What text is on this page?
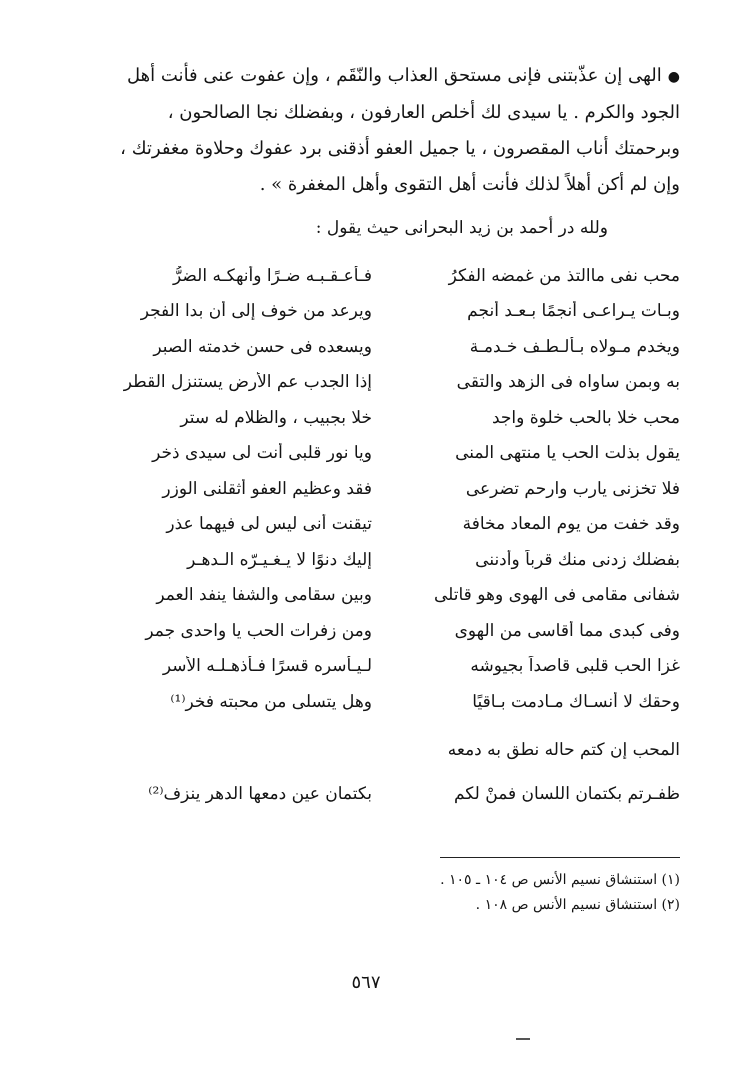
●الهى إن عذّبتنى فإنى مستحق العذاب والنّقَم ، وإن عفوت عنى فأنت أهل

الجود والكرم . يا سيدى لك أخلص العارفون ، وبفضلك نجا الصالحون ،

وبرحمتك أناب المقصرون ، يا جميل العفو أذقنى برد عفوك وحلاوة مغفرتك ،

وإن لم أكن أهلاً لذلك فأنت أهل التقوى وأهل المغفرة » .

ولله در أحمد بن زيد البحرانى حيث يقول :
محب نفى ماالتذ من غمضه الفكرُ
فـأعـقـبـه ضـرًا وأنهكـه الضرُّ
وبـات يـراعـى أنجمًا بـعـد أنجم
ويرعد من خوف إلى أن بدا الفجر
ويخدم مـولاه بـألـطـف خـدمـة
ويسعده فى حسن خدمته الصبر
به وبمن ساواه فى الزهد والتقى
إذا الجدب عم الأرض يستنزل القطر
محب خلا بالحب خلوة واجد
خلا بجبيب ، والظلام له ستر
يقول بذلت الحب يا منتهى المنى
ويا نور قلبى أنت لى سيدى ذخر
فلا تخزنى يارب وارحم تضرعى
فقد وعظيم العفو أثقلنى الوزر
وقد خفت من يوم المعاد مخافة
تيقنت أنى ليس لى فيهما عذر
بفضلك زدنى منك قرباً وأدننى
إليك دنوًا لا يـغـيـرّه الـدهـر
شفانى مقامى فى الهوى وهو قاتلى
وبين سقامى والشفا ينفد العمر
وفى كبدى مما أقاسى من الهوى
ومن زفرات الحب يا واحدى جمر
غزا الحب قلبى قاصداً بجيوشه
لـيـأسره قسرًا فـأذهـلـه الأسر
وحقك لا أنسـاك مـادمت بـاقيًا
وهل يتسلى من محبته فخر⁽¹⁾
المحب إن كتم حاله نطق به دمعه
ظفـرتم بكتمان اللسان فمنْ لكم
بكتمان عين دمعها الدهر ينزف⁽²⁾
(١) استنشاق نسيم الأنس ص ١٠٤ ـ ١٠٥ .
(٢) استنشاق نسيم الأنس ص ١٠٨ .
٥٦٧
